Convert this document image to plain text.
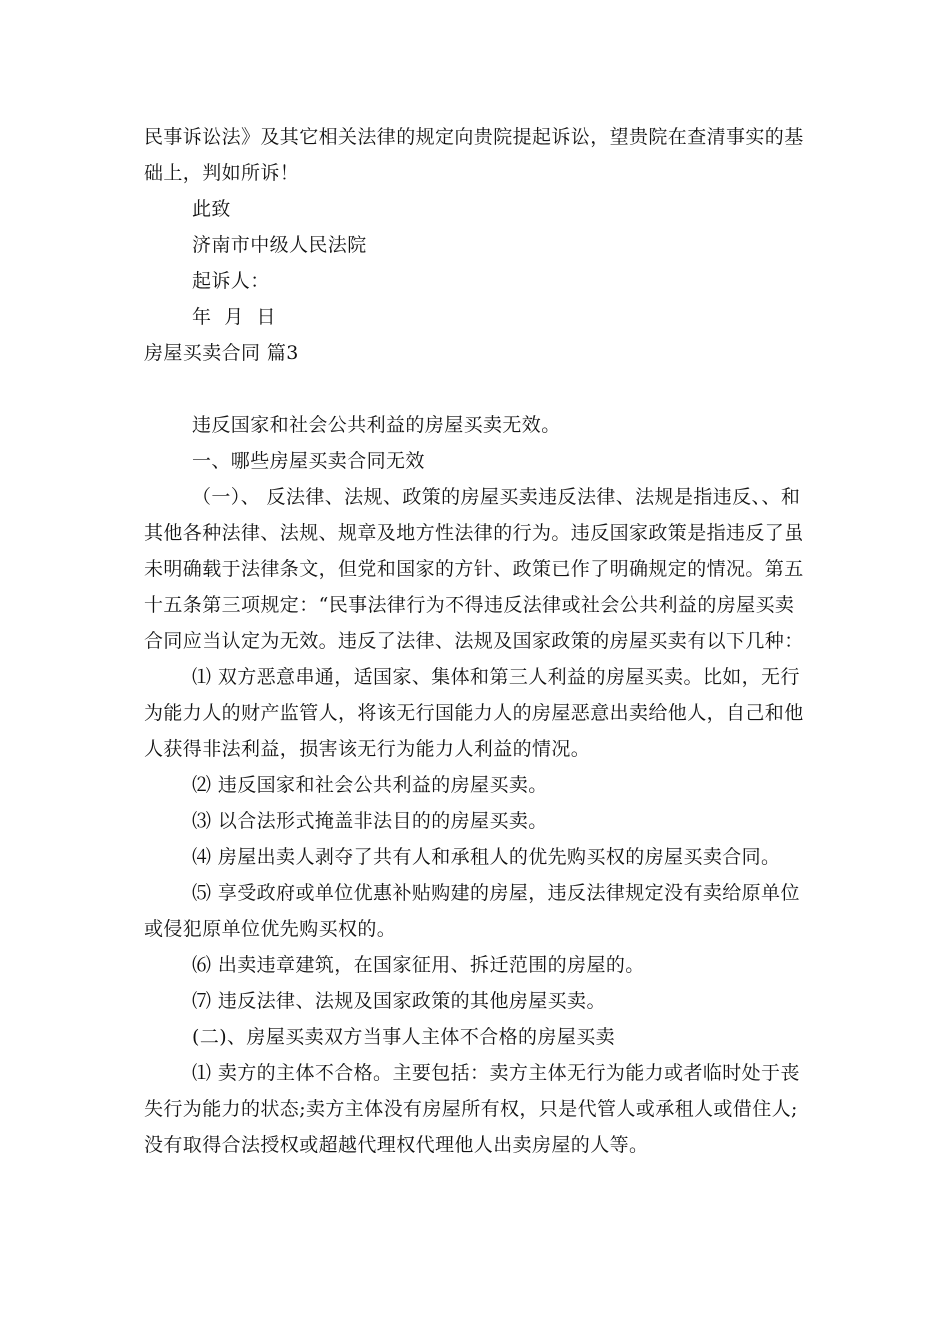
民事诉讼法》及其它相关法律的规定向贵院提起诉讼，望贵院在查清事实的基
础上，判如所诉！
此致
济南市中级人民法院
起诉人：
年  月  日
房屋买卖合同 篇3
违反国家和社会公共利益的房屋买卖无效。
一、哪些房屋买卖合同无效
（一）、 反法律、法规、政策的房屋买卖违反法律、法规是指违反、、和
其他各种法律、法规、规章及地方性法律的行为。违反国家政策是指违反了虽
未明确载于法律条文，但党和国家的方针、政策已作了明确规定的情况。第五
十五条第三项规定：“民事法律行为不得违反法律或社会公共利益的房屋买卖
合同应当认定为无效。违反了法律、法规及国家政策的房屋买卖有以下几种：
⑴ 双方恶意串通，适国家、集体和第三人利益的房屋买卖。比如，无行
为能力人的财产监管人，将该无行国能力人的房屋恶意出卖给他人，自己和他
人获得非法利益，损害该无行为能力人利益的情况。
⑵ 违反国家和社会公共利益的房屋买卖。
⑶ 以合法形式掩盖非法目的的房屋买卖。
⑷ 房屋出卖人剥夺了共有人和承租人的优先购买权的房屋买卖合同。
⑸ 享受政府或单位优惠补贴购建的房屋，违反法律规定没有卖给原单位
或侵犯原单位优先购买权的。
⑹ 出卖违章建筑，在国家征用、拆迁范围的房屋的。
⑺ 违反法律、法规及国家政策的其他房屋买卖。
(二)、房屋买卖双方当事人主体不合格的房屋买卖
⑴ 卖方的主体不合格。主要包括：卖方主体无行为能力或者临时处于丧
失行为能力的状态;卖方主体没有房屋所有权，只是代管人或承租人或借住人;
没有取得合法授权或超越代理权代理他人出卖房屋的人等。
